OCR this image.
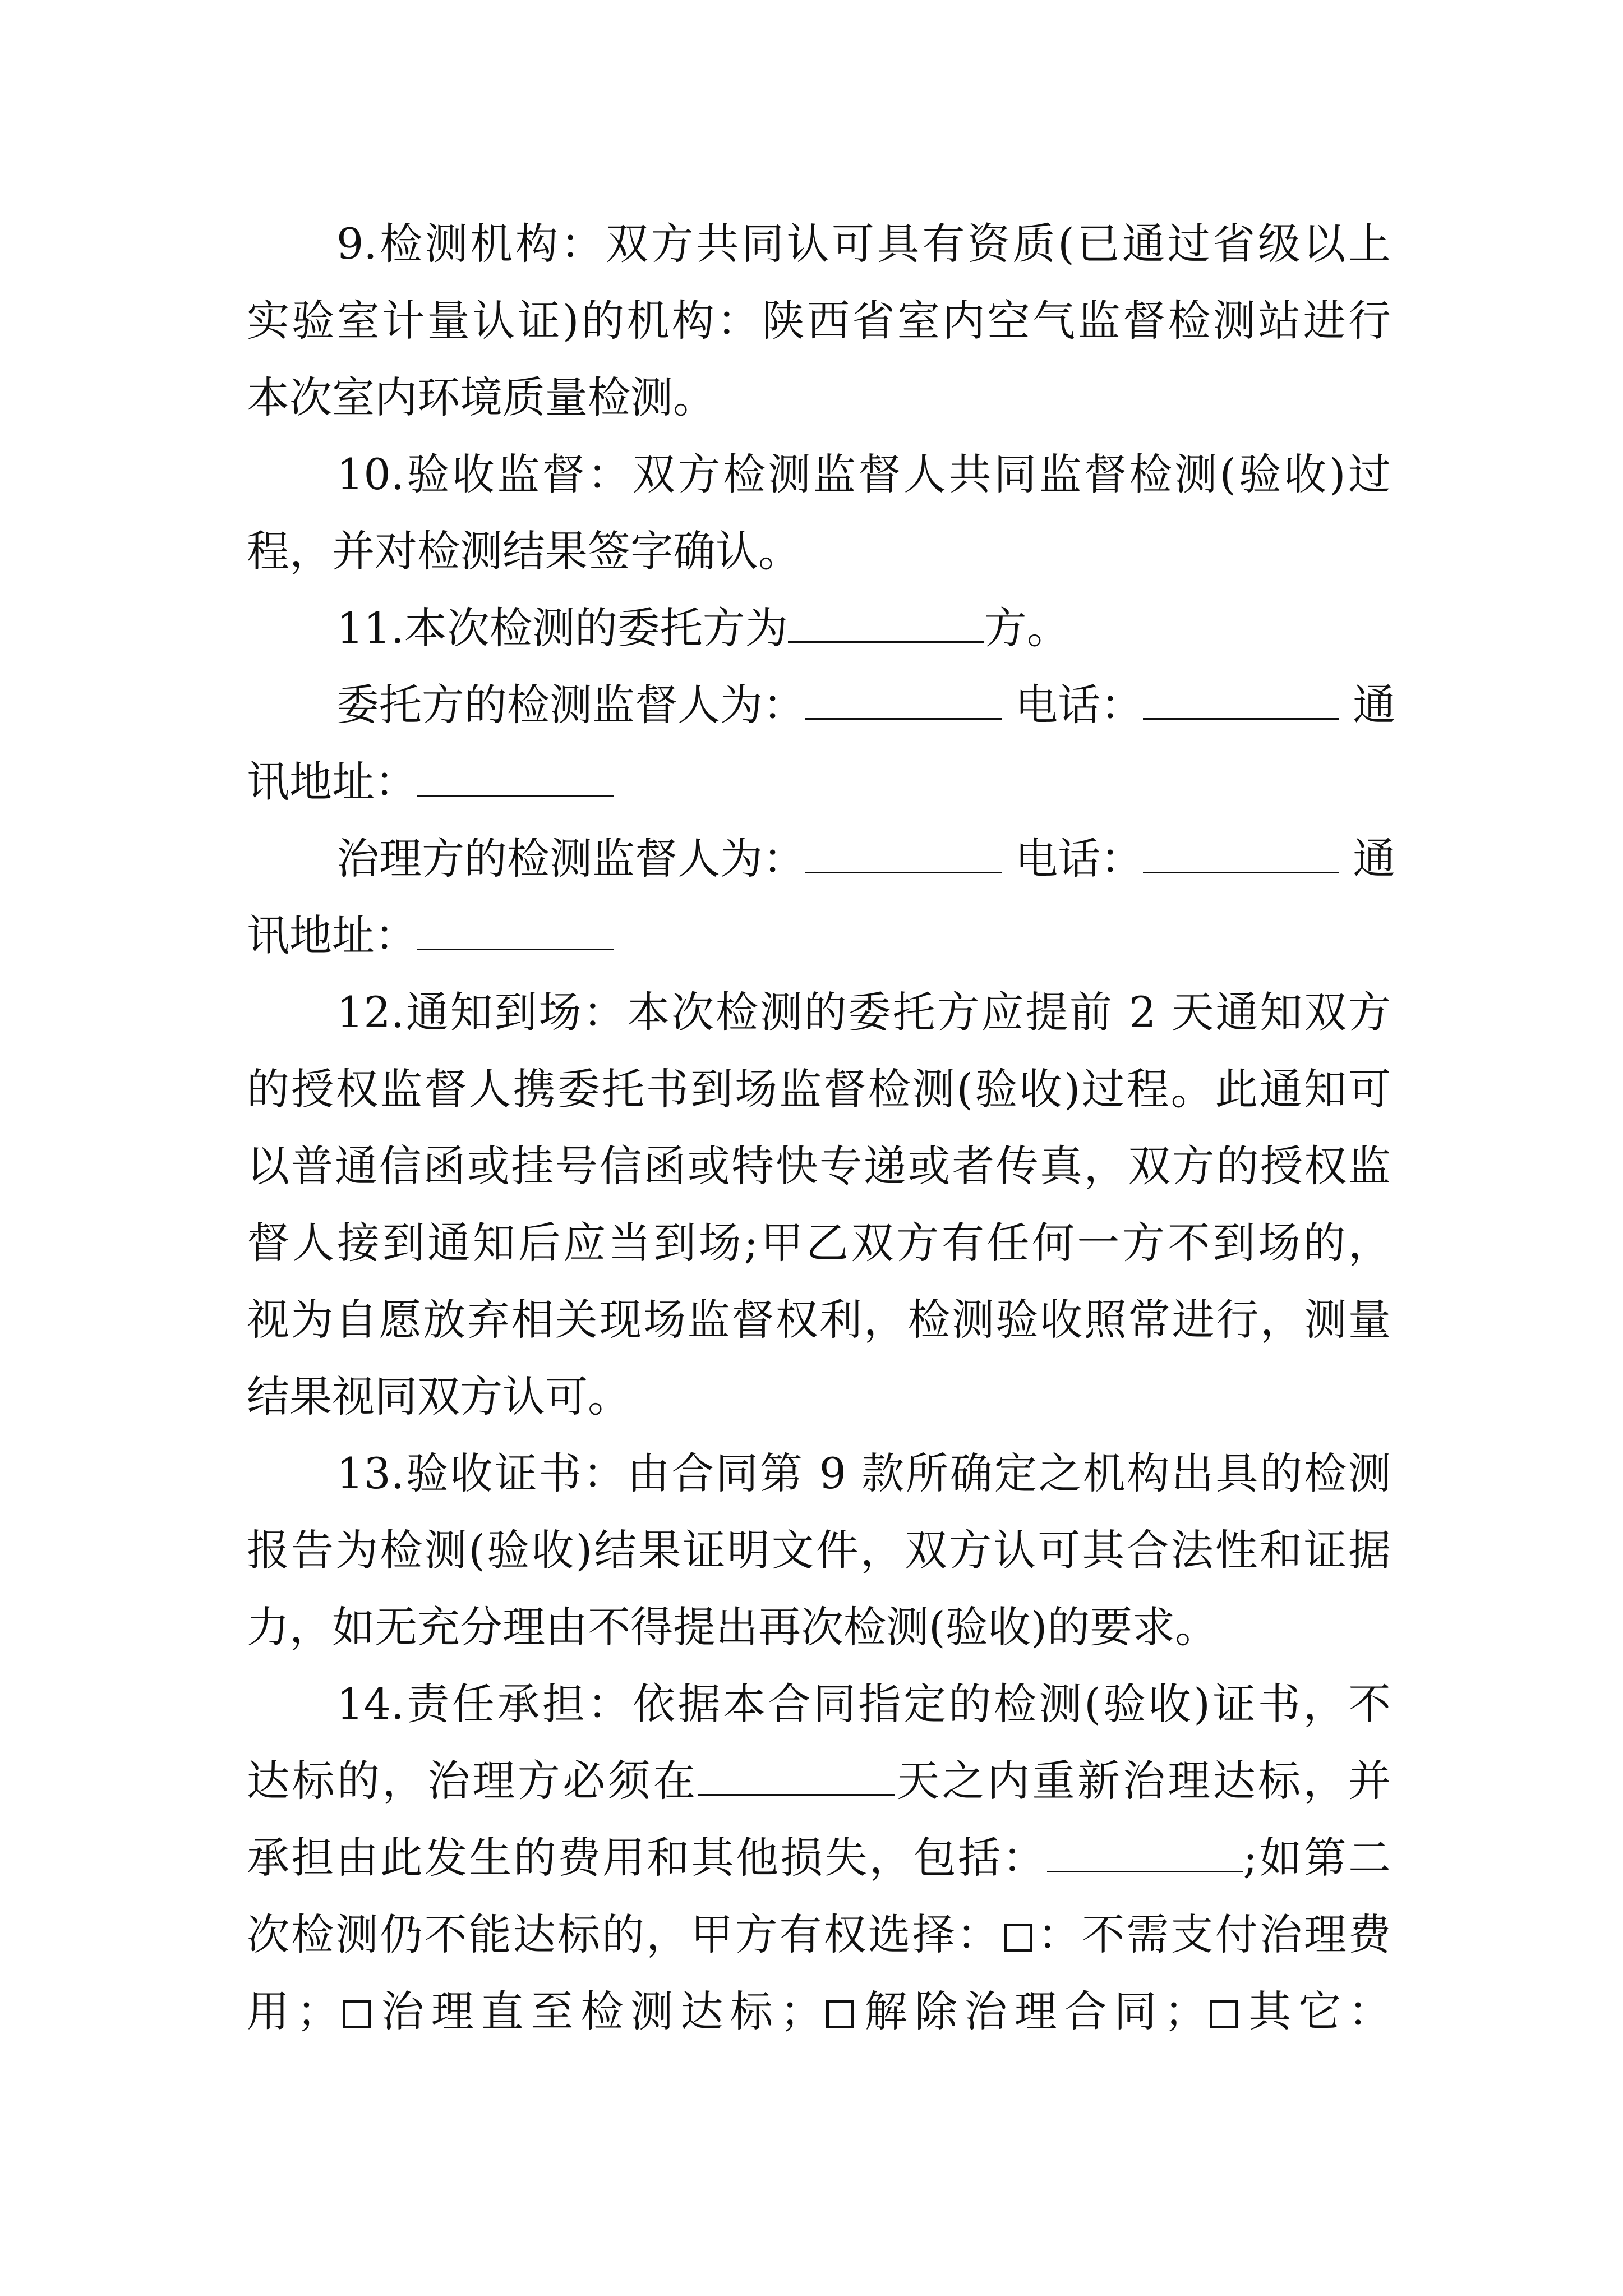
9.检测机构：双方共同认可具有资质(已通过省级以上
实验室计量认证)的机构：陕西省室内空气监督检测站进行
本次室内环境质量检测。
10.验收监督：双方检测监督人共同监督检测(验收)过
程，并对检测结果签字确认。
11.本次检测的委托方为	方。
委托方的检测监督人为：	电话：	通
讯地址：
治理方的检测监督人为：	电话：	通
讯地址：
12.通知到场：本次检测的委托方应提前 2 天通知双方
的授权监督人携委托书到场监督检测(验收)过程。此通知可
以普通信函或挂号信函或特快专递或者传真，双方的授权监
督人接到通知后应当到场;甲乙双方有任何一方不到场的，
视为自愿放弃相关现场监督权利，检测验收照常进行，测量
结果视同双方认可。
13.验收证书：由合同第 9 款所确定之机构出具的检测
报告为检测(验收)结果证明文件，双方认可其合法性和证据
力，如无充分理由不得提出再次检测(验收)的要求。
14.责任承担：依据本合同指定的检测(验收)证书，不
达标的，治理方必须在	天之内重新治理达标，并
承担由此发生的费用和其他损失，包括：	;如第二
次检测仍不能达标的，甲方有权选择： ：不需支付治理费
用； 治理直至检测达标； 解除治理合同； 其它：
